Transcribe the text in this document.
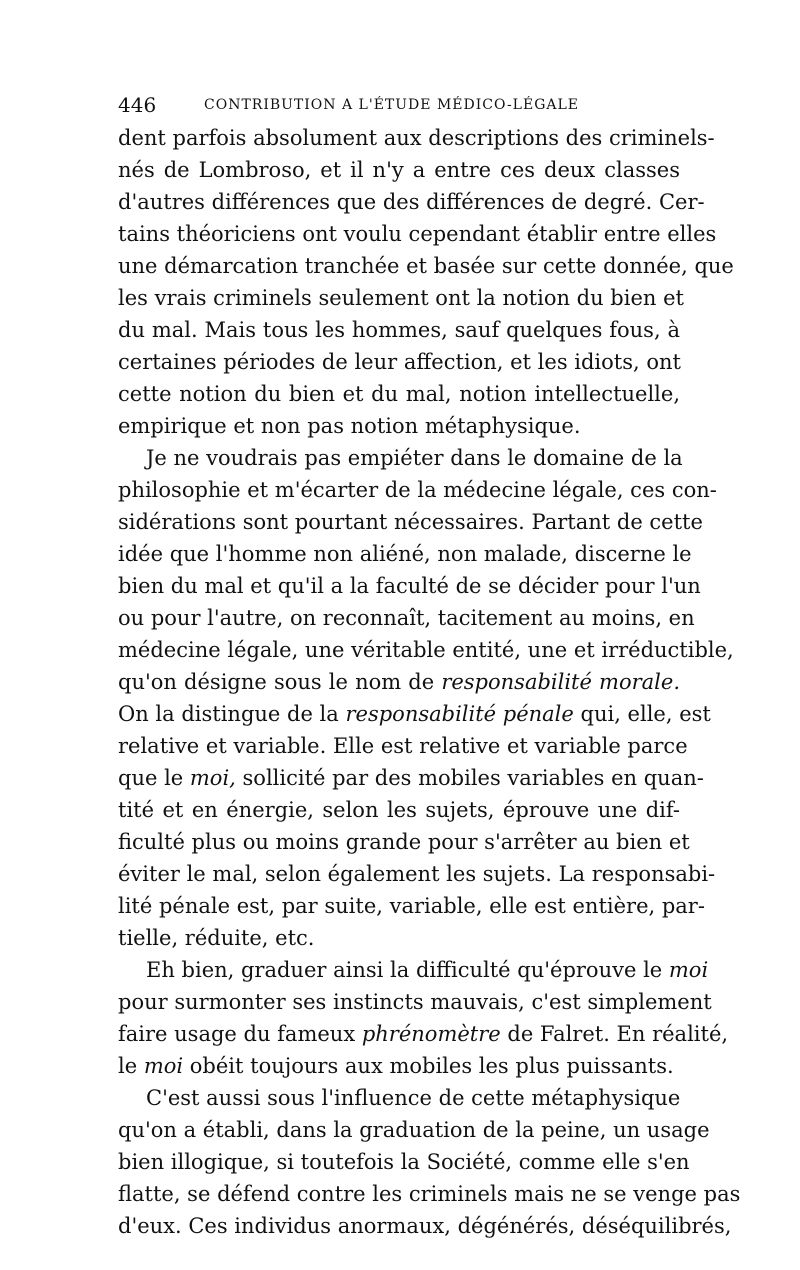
446	CONTRIBUTION A L'ÉTUDE MÉDICO-LÉGALE
dent parfois absolument aux descriptions des criminels-
nés de Lombroso, et il n'y a entre ces deux classes
d'autres différences que des différences de degré. Cer-
tains théoriciens ont voulu cependant établir entre elles
une démarcation tranchée et basée sur cette donnée, que
les vrais criminels seulement ont la notion du bien et
du mal. Mais tous les hommes, sauf quelques fous, à
certaines périodes de leur affection, et les idiots, ont
cette notion du bien et du mal, notion intellectuelle,
empirique et non pas notion métaphysique.
Je ne voudrais pas empiéter dans le domaine de la
philosophie et m'écarter de la médecine légale, ces con-
sidérations sont pourtant nécessaires. Partant de cette
idée que l'homme non aliéné, non malade, discerne le
bien du mal et qu'il a la faculté de se décider pour l'un
ou pour l'autre, on reconnaît, tacitement au moins, en
médecine légale, une véritable entité, une et irréductible,
qu'on désigne sous le nom de responsabilité morale.
On la distingue de la responsabilité pénale qui, elle, est
relative et variable. Elle est relative et variable parce
que le moi, sollicité par des mobiles variables en quan-
tité et en énergie, selon les sujets, éprouve une dif-
ficulté plus ou moins grande pour s'arrêter au bien et
éviter le mal, selon également les sujets. La responsabi-
lité pénale est, par suite, variable, elle est entière, par-
tielle, réduite, etc.
Eh bien, graduer ainsi la difficulté qu'éprouve le moi
pour surmonter ses instincts mauvais, c'est simplement
faire usage du fameux phrénomètre de Falret. En réalité,
le moi obéit toujours aux mobiles les plus puissants.
C'est aussi sous l'influence de cette métaphysique
qu'on a établi, dans la graduation de la peine, un usage
bien illogique, si toutefois la Société, comme elle s'en
flatte, se défend contre les criminels mais ne se venge pas
d'eux. Ces individus anormaux, dégénérés, déséquilibrés,
